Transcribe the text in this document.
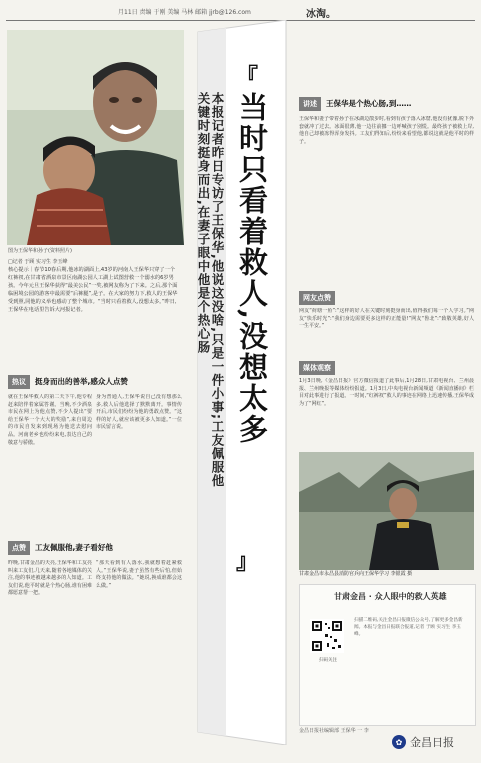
月11日 责编 于刚 美编 马林 邮箱 jjrb@126.com	冰淘。
图为王保华和孙子(资料照片)
□记者 于顾 实习生 李玉峰
核心提示｜春节10春后期,他冰的湖面上,43岁的河南人王保华只穿了一个红裤衩,在甘肃省酒泉市景区南湖公园人工湖上试图营救一个溺水的6岁男孩。今年元旦王保华获得“最美公民”一奖,被网友称为了下来。之后,那个面临困境公园的游客中最需要“后裤腿”,是子。在大家的努力下,救人的王保华受到照,同他的义举也感动了整个城市。“当时只看着救人,没想太多。”昨日,王保华在电话里告诉大河报记者。
热议	挺身而出的善举,感众人点赞
就在王保华救人的第二天下午,他专程赶来陪伴着家属答谢。当晚,不少酒泉市民在网上为他点赞,不少人提出“要给王保华一个大大的奖励”,来自周边的市民自发来到现场为他送去慰问品。河南老乡也纷纷来电,表达自己的敬意与骄傲。
身为普通人,王保华说自己没有想那么多,救人后他选择了默默离开。事情传开后,市民们纷纷为他的勇敢点赞。“这样的好人,就应该被更多人知道。”一位市民留言说。
点赞	工友佩服他,妻子看好他
昨晚,甘肃金昌的天亮,王保华和工友亮叫来工友们,几天来,随着各地媒体的关注,他的事迹被越来越多的人知道。工友们说,他平时就是个热心肠,谁有困难都愿意帮一把。
“那天看到有人落水,我就想着赶紧救人。”王保华说,妻子虽然有些后怕,但始终支持他的做法。“她说,换成谁都会这么做。”
『
当时只看着救人,没想太多
』
本报记者昨日专访了王保华,他说这没啥,只是一件小事;工友佩服他关键时刻挺身而出,在妻子眼中他是个热心肠	讲述	王保华是个热心肠,到……
王保华和妻子带着孙子在冰湖边散步时,看到有孩子落入冰窟,他没有犹豫,脱下外套就冲了过去。冰面很薄,他一边往前挪一边呼喊孩子别慌。最终孩子被救上岸,他自己却被冻得浑身发抖。工友们得知后,纷纷来看望他,都说这就是他平时的样子。
网友点赞
网友“荷塘一鱼”:“这样的好人在关键时刻挺身而出,值得我们每一个人学习。”网友“快乐时光”:“我们身边需要更多这样的正能量!”网友“鲁北”:“致敬英雄,好人一生平安。”
媒体观察
1月3日晚,《金昌日报》官方微信报道了此事后,1月28日,甘肃电视台、兰州晨报、兰州晚报等媒体纷纷报道。1月3日,中央电视台新闻频道《新闻直播间》栏目对此事进行了报道。一时间,“红裤衩”救人的事迹在网络上迅速传播,王保华成为了“网红”。
甘肃金昌市永昌县消防官兵向王保华学习 李银霞 摄
甘肃金昌 · 众人眼中的救人英雄
扫码关注
扫描二维码,关注金昌日报微信公众号,了解更多金昌新闻。本报与金昌日报联合报道,记者 于顾 实习生 李玉峰。
金昌日报社编辑部 王保华 一 李
✿ 金昌日报
